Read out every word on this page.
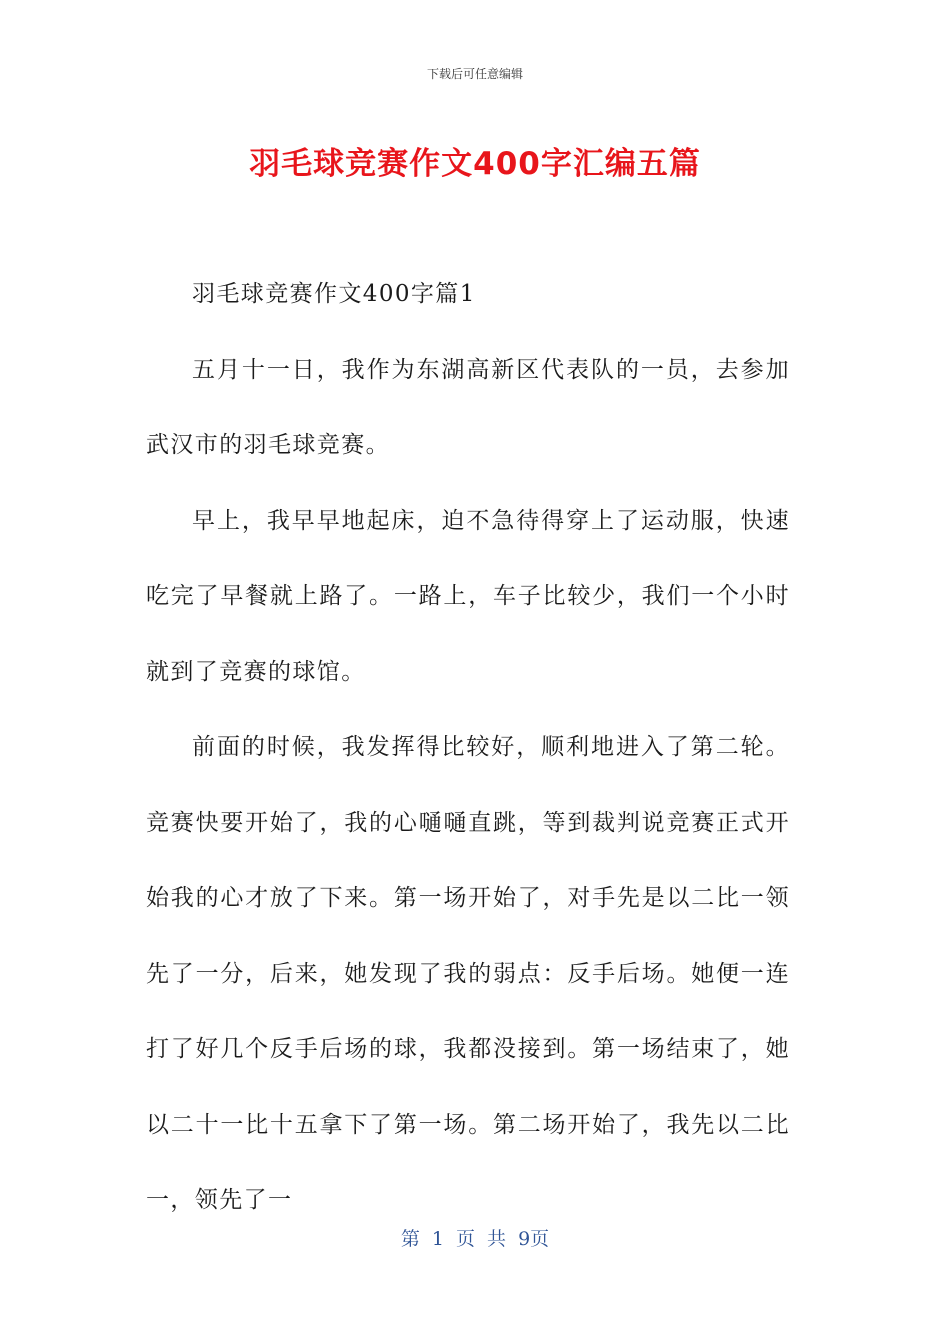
下载后可任意编辑
羽毛球竞赛作文400字汇编五篇

羽毛球竞赛作文400字篇1

五月十一日，我作为东湖高新区代表队的一员，去参加武汉市的羽毛球竞赛。

早上，我早早地起床，迫不急待得穿上了运动服，快速吃完了早餐就上路了。一路上，车子比较少，我们一个小时就到了竞赛的球馆。

前面的时候，我发挥得比较好，顺利地进入了第二轮。竞赛快要开始了，我的心嗵嗵直跳，等到裁判说竞赛正式开始我的心才放了下来。第一场开始了，对手先是以二比一领先了一分，后来，她发现了我的弱点：反手后场。她便一连打了好几个反手后场的球，我都没接到。第一场结束了，她以二十一比十五拿下了第一场。第二场开始了，我先以二比一，领先了一

第 1 页 共 9页
